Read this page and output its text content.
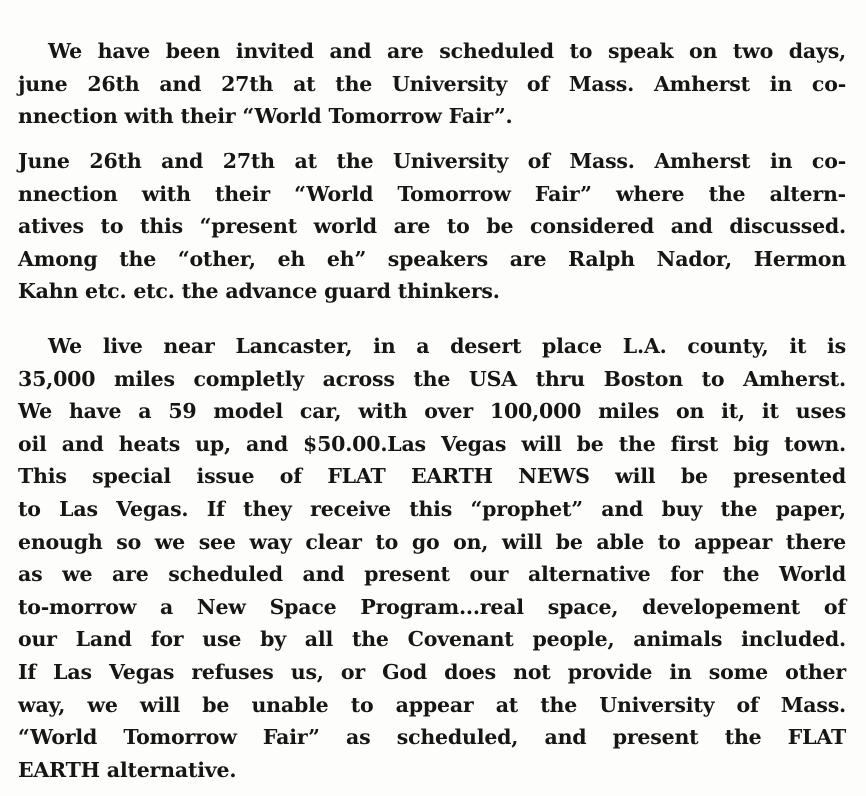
We have been invited and are scheduled to speak on two days,
june 26th and 27th at the University of Mass. Amherst in co-
nnection with their “World Tomorrow Fair”.

June 26th and 27th at the University of Mass. Amherst in co-
nnection with their “World Tomorrow Fair” where the altern-
atives to this “present world are to be considered and discussed.
Among the “other, eh eh” speakers are Ralph Nador, Hermon
Kahn etc. etc. the advance guard thinkers.

We live near Lancaster, in a desert place L.A. county, it is
35,000 miles completly across the USA thru Boston to Amherst.
We have a 59 model car, with over 100,000 miles on it, it uses
oil and heats up, and $50.00.Las Vegas will be the first big town.
This special issue of FLAT EARTH NEWS will be presented
to Las Vegas. If they receive this “prophet” and buy the paper,
enough so we see way clear to go on, will be able to appear there
as we are scheduled and present our alternative for the World
to-morrow a New Space Program...real space, developement of
our Land for use by all the Covenant people, animals included.
If Las Vegas refuses us, or God does not provide in some other
way, we will be unable to appear at the University of Mass.
“World Tomorrow Fair” as scheduled, and present the FLAT
EARTH alternative.
